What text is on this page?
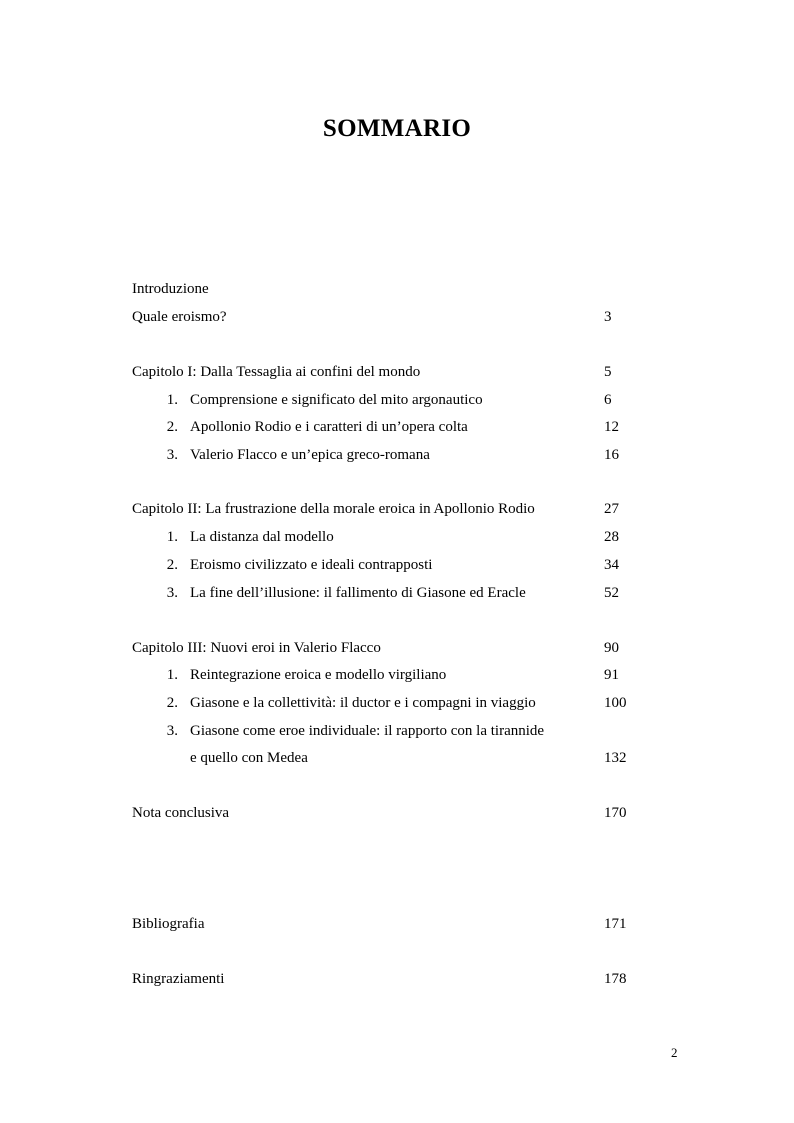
SOMMARIO
Introduzione
Quale eroismo?	3
Capitolo I: Dalla Tessaglia ai confini del mondo	5
1. Comprensione e significato del mito argonautico	6
2. Apollonio Rodio e i caratteri di un’opera colta	12
3. Valerio Flacco e un’epica greco-romana	16
Capitolo II: La frustrazione della morale eroica in Apollonio Rodio	27
1. La distanza dal modello	28
2. Eroismo civilizzato e ideali contrapposti	34
3. La fine dell’illusione: il fallimento di Giasone ed Eracle	52
Capitolo III: Nuovi eroi in Valerio Flacco	90
1. Reintegrazione eroica e modello virgiliano	91
2. Giasone e la collettività: il ductor e i compagni in viaggio	100
3. Giasone come eroe individuale: il rapporto con la tirannide
e quello con Medea	132
Nota conclusiva	170
Bibliografia	171
Ringraziamenti	178
2
